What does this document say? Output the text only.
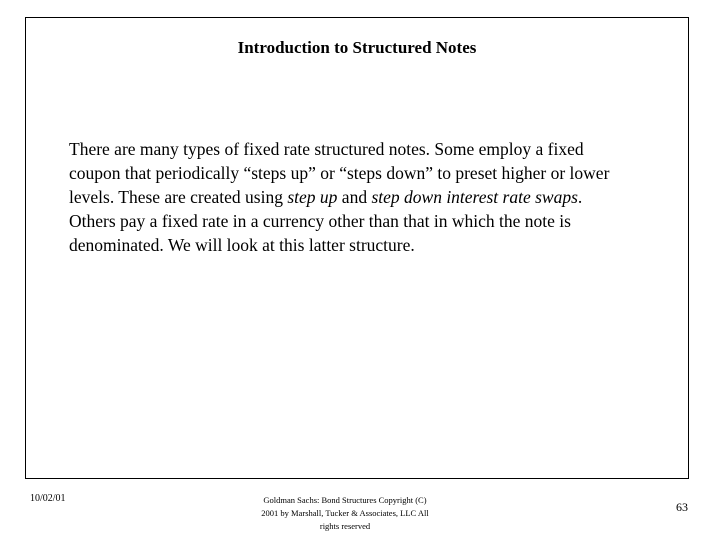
Introduction to Structured Notes
There are many types of fixed rate structured notes. Some employ a fixed coupon that periodically “steps up” or “steps down” to preset higher or lower levels. These are created using step up and step down interest rate swaps. Others pay a fixed rate in a currency other than that in which the note is denominated. We will look at this latter structure.
10/02/01	Goldman Sachs: Bond Structures Copyright (C)
2001 by Marshall, Tucker & Associates, LLC All
rights reserved
63
